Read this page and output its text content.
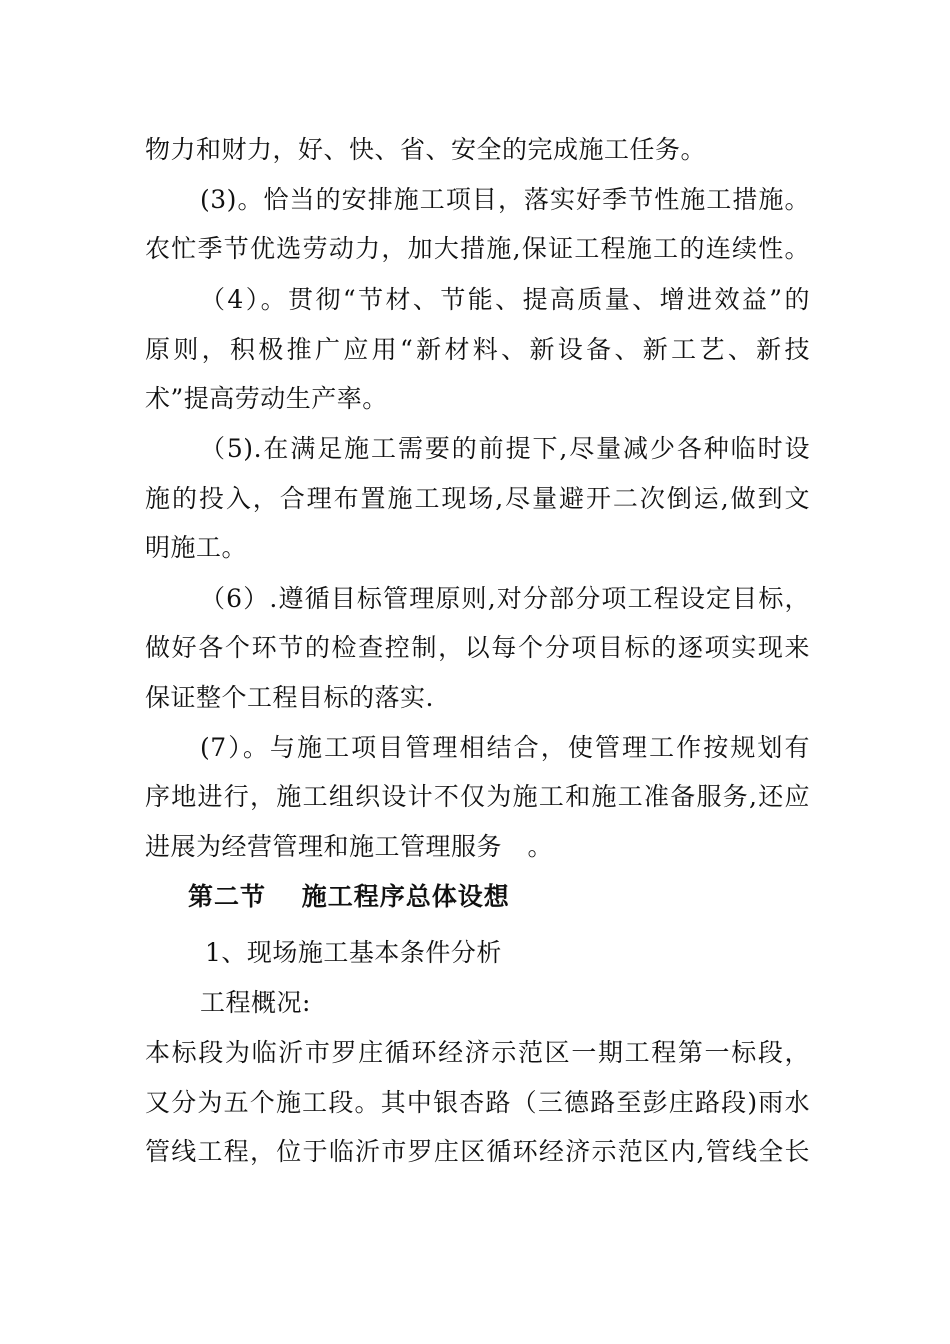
物力和财力，好、快、省、安全的完成施工任务。
(3)。恰当的安排施工项目，落实好季节性施工措施。
农忙季节优选劳动力，加大措施,保证工程施工的连续性。
（4）。贯彻“节材、节能、提高质量、增进效益”的
原则，积极推广应用“新材料、新设备、新工艺、新技
术”提高劳动生产率。
（5).在满足施工需要的前提下,尽量减少各种临时设
施的投入，合理布置施工现场,尽量避开二次倒运,做到文
明施工。
（6）.遵循目标管理原则,对分部分项工程设定目标，
做好各个环节的检查控制，以每个分项目标的逐项实现来
保证整个工程目标的落实.
(7）。与施工项目管理相结合，使管理工作按规划有
序地进行，施工组织设计不仅为施工和施工准备服务,还应
进展为经营管理和施工管理服务　。
第二节　 施工程序总体设想
1、现场施工基本条件分析
工程概况:
本标段为临沂市罗庄循环经济示范区一期工程第一标段，
又分为五个施工段。其中银杏路（三德路至彭庄路段)雨水
管线工程，位于临沂市罗庄区循环经济示范区内,管线全长
